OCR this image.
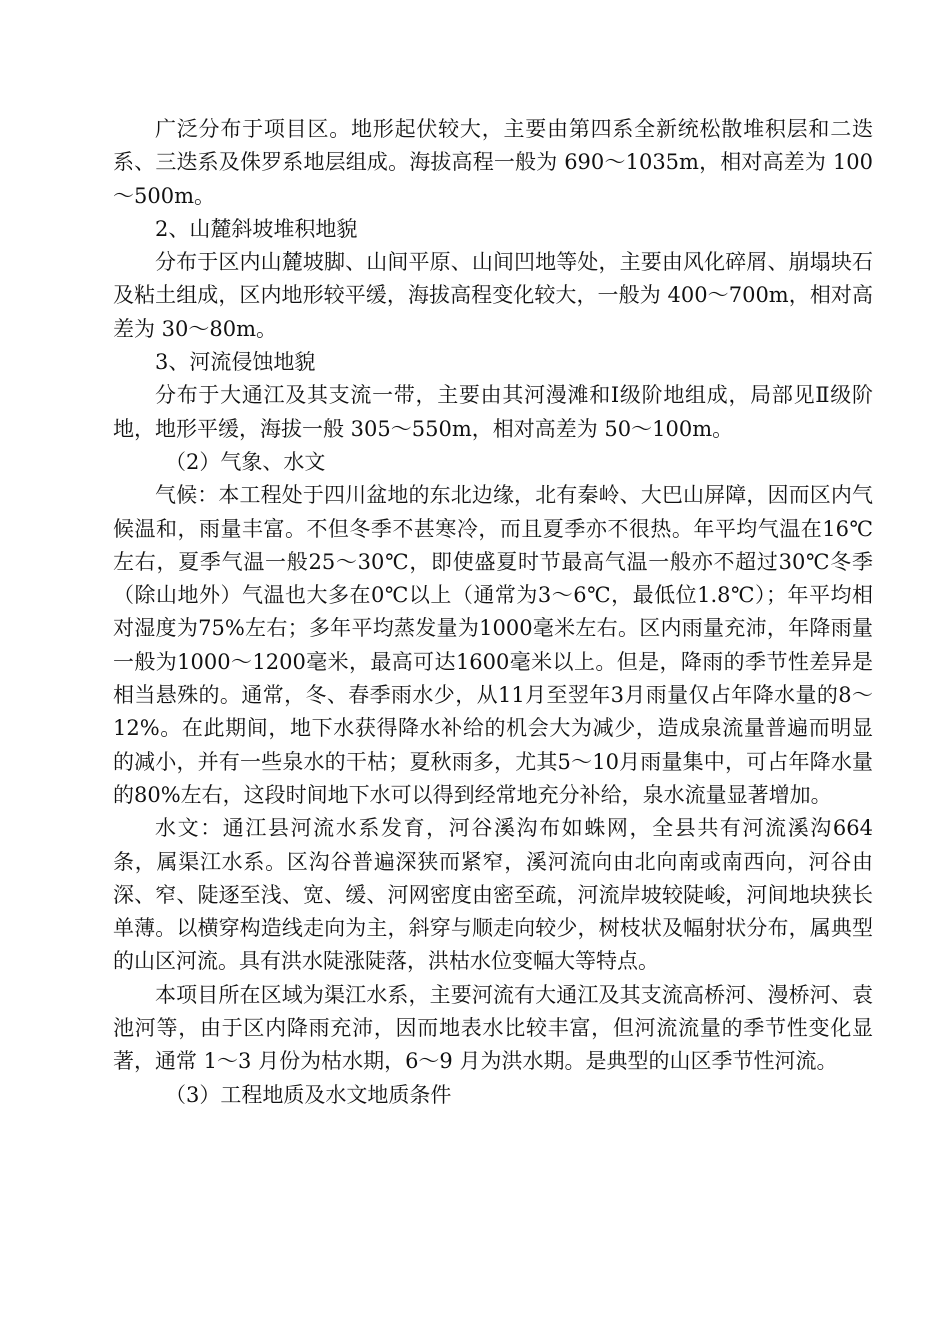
广泛分布于项目区。地形起伏较大，主要由第四系全新统松散堆积层和二迭系、三迭系及侏罗系地层组成。海拔高程一般为 690～1035m，相对高差为 100～500m。

2、山麓斜坡堆积地貌

分布于区内山麓坡脚、山间平原、山间凹地等处，主要由风化碎屑、崩塌块石及粘土组成，区内地形较平缓，海拔高程变化较大，一般为 400～700m，相对高差为 30～80m。

3、河流侵蚀地貌

分布于大通江及其支流一带，主要由其河漫滩和Ⅰ级阶地组成，局部见Ⅱ级阶地，地形平缓，海拔一般 305～550m，相对高差为 50～100m。

（2）气象、水文

气候：本工程处于四川盆地的东北边缘，北有秦岭、大巴山屏障，因而区内气候温和，雨量丰富。不但冬季不甚寒冷，而且夏季亦不很热。年平均气温在16℃左右，夏季气温一般25～30℃，即使盛夏时节最高气温一般亦不超过30℃冬季（除山地外）气温也大多在0℃以上（通常为3～6℃，最低位1.8℃）；年平均相对湿度为75%左右；多年平均蒸发量为1000毫米左右。区内雨量充沛，年降雨量一般为1000～1200毫米，最高可达1600毫米以上。但是，降雨的季节性差异是相当悬殊的。通常，冬、春季雨水少，从11月至翌年3月雨量仅占年降水量的8～12%。在此期间，地下水获得降水补给的机会大为减少，造成泉流量普遍而明显的减小，并有一些泉水的干枯；夏秋雨多，尤其5～10月雨量集中，可占年降水量的80%左右，这段时间地下水可以得到经常地充分补给，泉水流量显著增加。

水文：通江县河流水系发育，河谷溪沟布如蛛网，全县共有河流溪沟664 条，属渠江水系。区沟谷普遍深狭而紧窄，溪河流向由北向南或南西向，河谷由深、窄、陡逐至浅、宽、缓、河网密度由密至疏，河流岸坡较陡峻，河间地块狭长单薄。以横穿构造线走向为主，斜穿与顺走向较少，树枝状及幅射状分布，属典型的山区河流。具有洪水陡涨陡落，洪枯水位变幅大等特点。

本项目所在区域为渠江水系，主要河流有大通江及其支流高桥河、漫桥河、袁池河等，由于区内降雨充沛，因而地表水比较丰富，但河流流量的季节性变化显著，通常 1～3 月份为枯水期，6～9 月为洪水期。是典型的山区季节性河流。

（3）工程地质及水文地质条件
